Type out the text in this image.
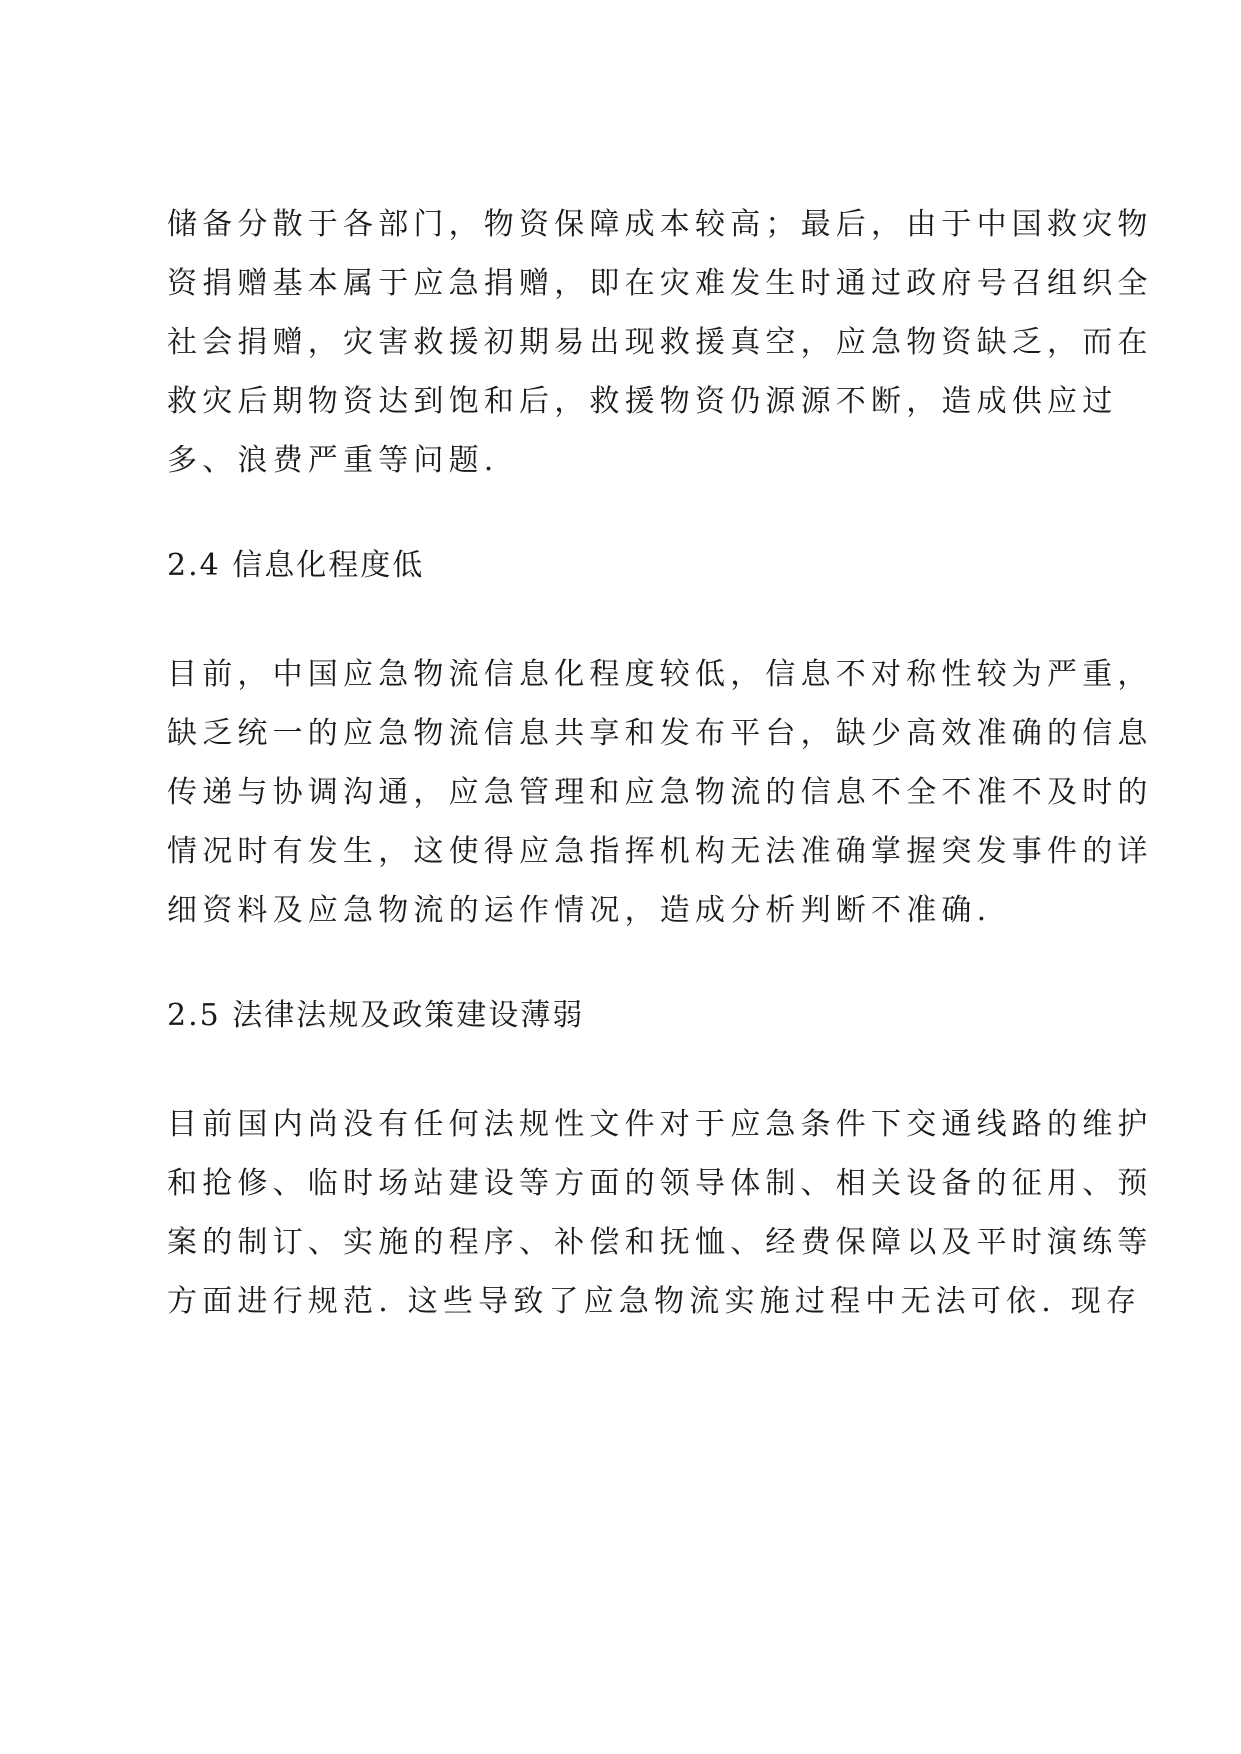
储备分散于各部门，物资保障成本较高；最后，由于中国救灾物
资捐赠基本属于应急捐赠，即在灾难发生时通过政府号召组织全
社会捐赠，灾害救援初期易出现救援真空，应急物资缺乏，而在
救灾后期物资达到饱和后，救援物资仍源源不断，造成供应过
多、浪费严重等问题.
2.4 信息化程度低
目前，中国应急物流信息化程度较低，信息不对称性较为严重，
缺乏统一的应急物流信息共享和发布平台，缺少高效准确的信息
传递与协调沟通，应急管理和应急物流的信息不全不准不及时的
情况时有发生，这使得应急指挥机构无法准确掌握突发事件的详
细资料及应急物流的运作情况，造成分析判断不准确.
2.5 法律法规及政策建设薄弱
目前国内尚没有任何法规性文件对于应急条件下交通线路的维护
和抢修、临时场站建设等方面的领导体制、相关设备的征用、预
案的制订、实施的程序、补偿和抚恤、经费保障以及平时演练等
方面进行规范. 这些导致了应急物流实施过程中无法可依. 现存
